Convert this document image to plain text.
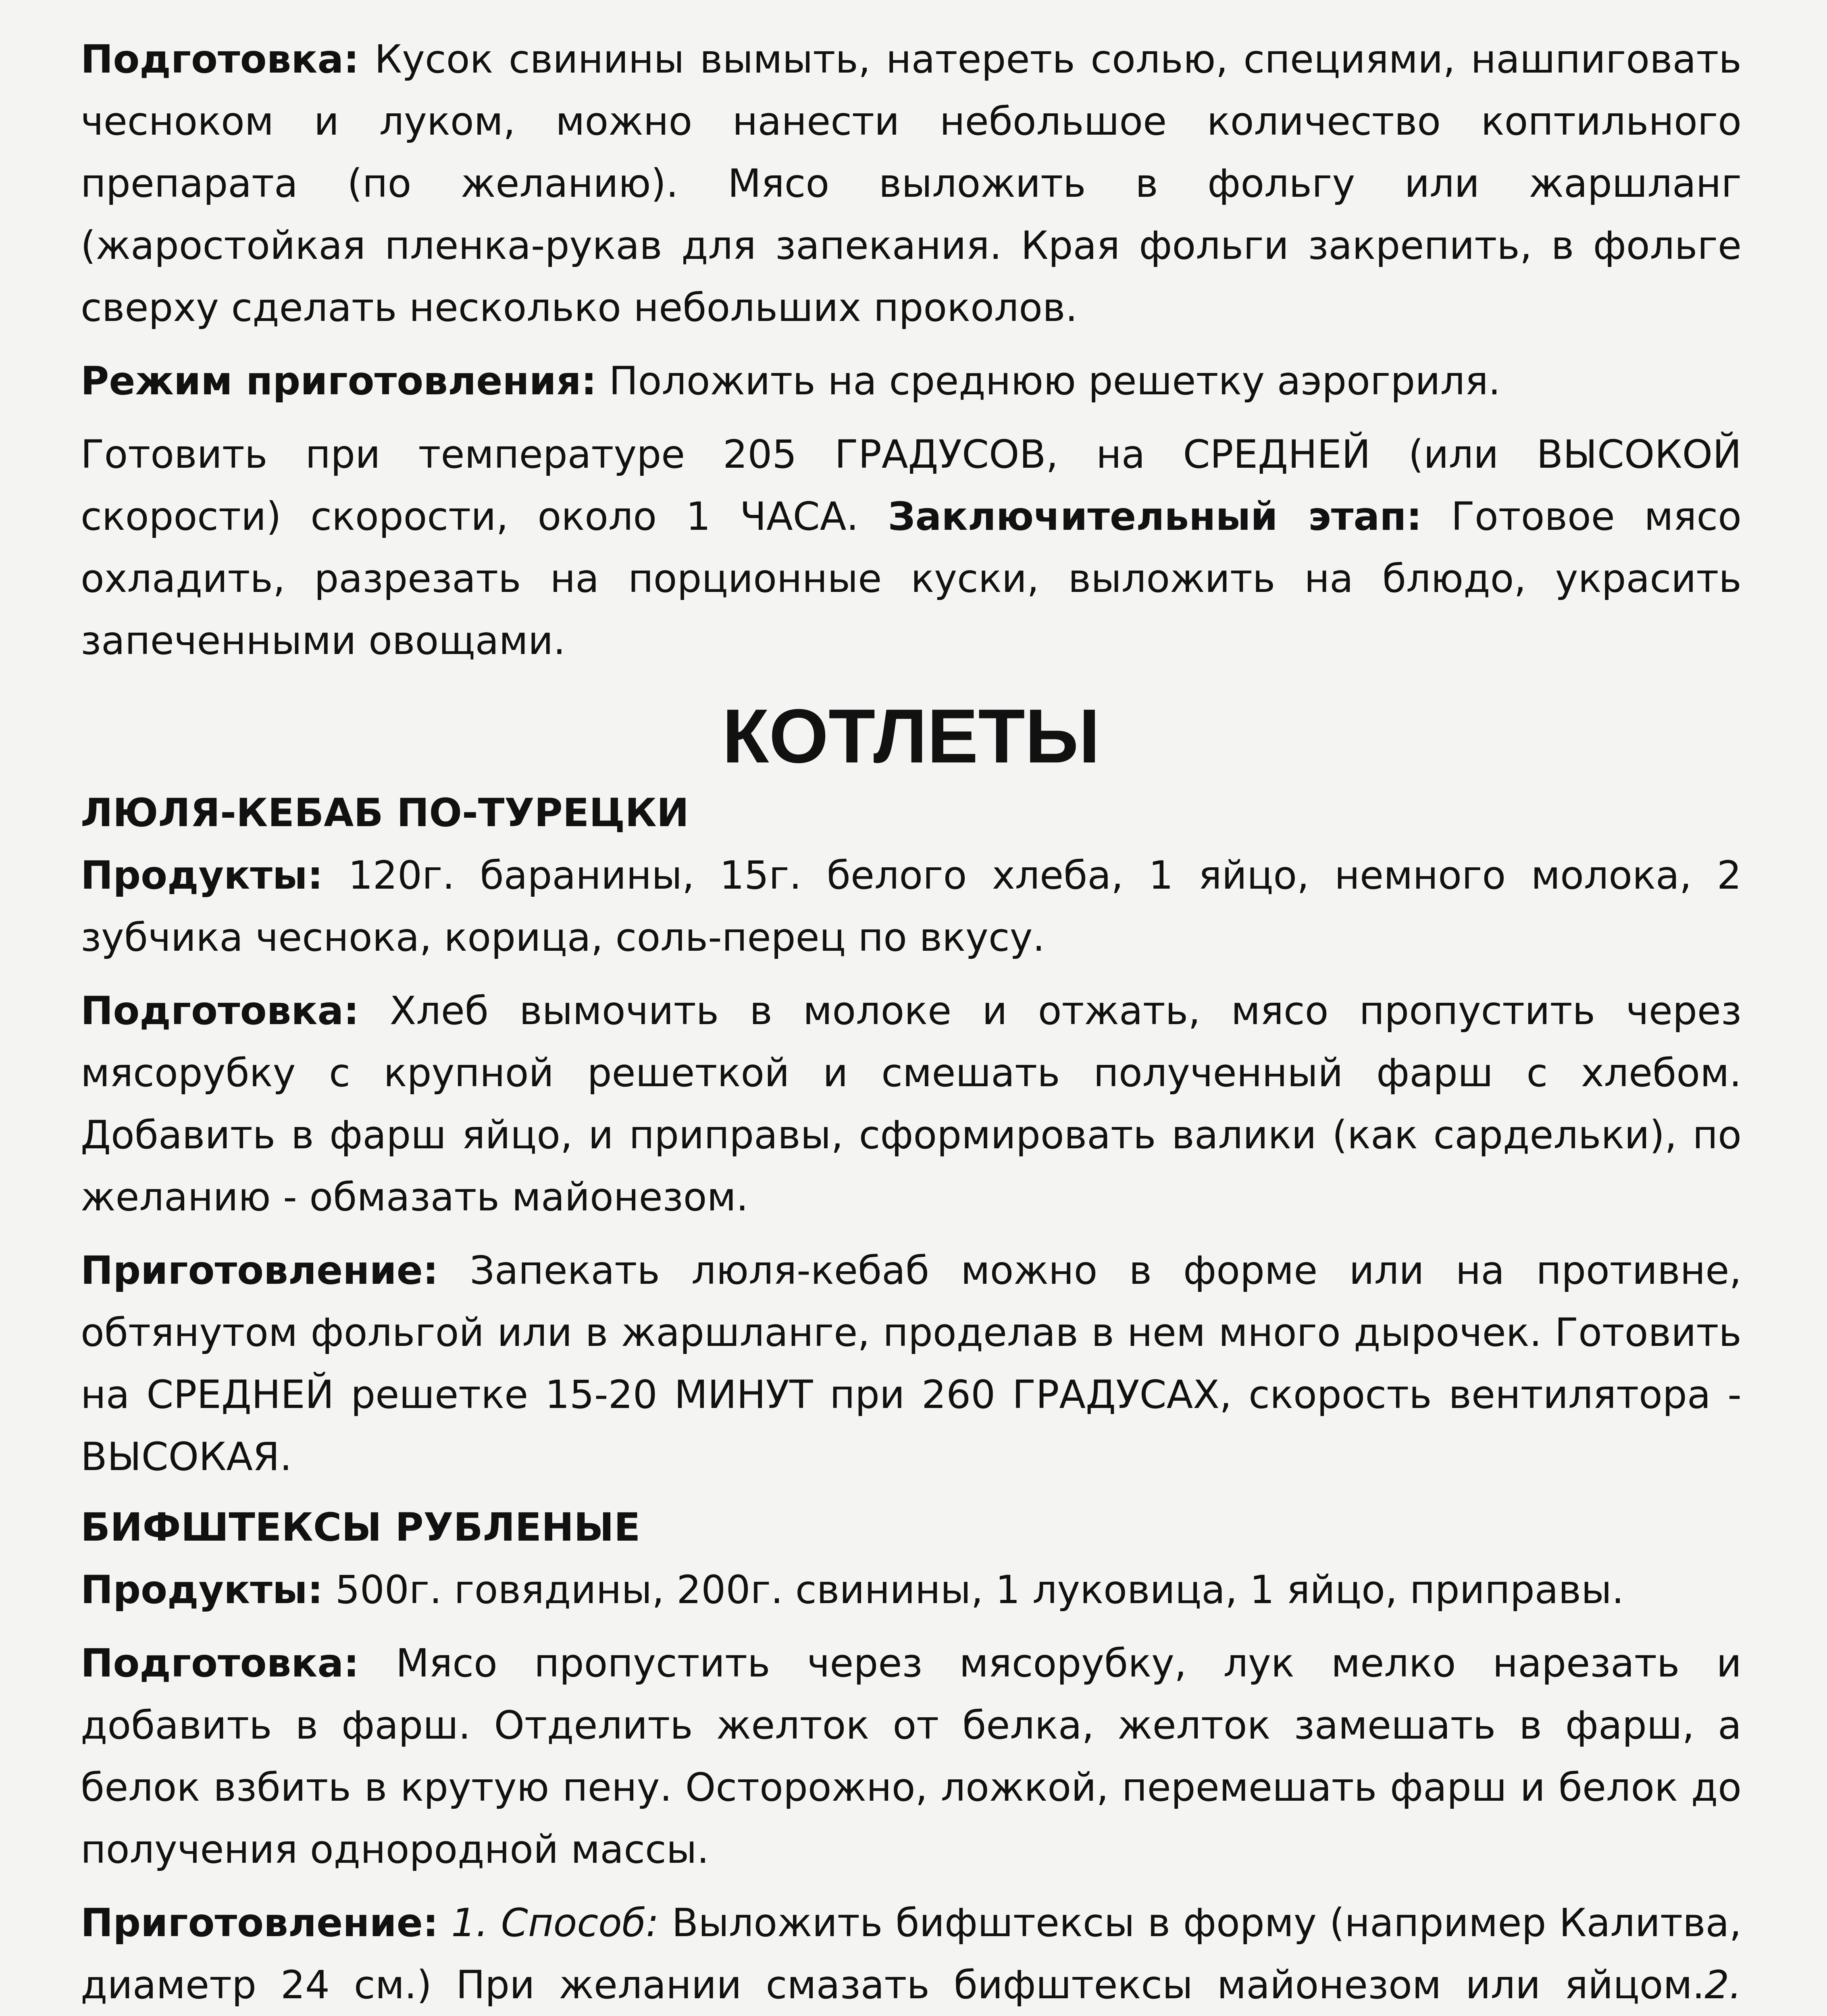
Подготовка: Кусок свинины вымыть, натереть солью, специями, нашпиговать чесноком и луком, можно нанести небольшое количество коптильного препарата (по желанию). Мясо выложить в фольгу или жаршланг (жаростойкая пленка-рукав для запекания. Края фольги закрепить, в фольге сверху сделать несколько небольших проколов.

Режим приготовления: Положить на среднюю решетку аэрогриля.

Готовить при температуре 205 ГРАДУСОВ, на СРЕДНЕЙ (или ВЫСОКОЙ скорости) скорости, около 1 ЧАСА. Заключительный этап: Готовое мясо охладить, разрезать на порционные куски, выложить на блюдо, украсить запеченными овощами.

КОТЛЕТЫ
ЛЮЛЯ-КЕБАБ ПО-ТУРЕЦКИ

Продукты: 120г. баранины, 15г. белого хлеба, 1 яйцо, немного молока, 2 зубчика чеснока, корица, соль-перец по вкусу.

Подготовка: Хлеб вымочить в молоке и отжать, мясо пропустить через мясорубку с крупной решеткой и смешать полученный фарш с хлебом. Добавить в фарш яйцо, и приправы, сформировать валики (как сардельки), по желанию - обмазать майонезом.

Приготовление: Запекать люля-кебаб можно в форме или на противне, обтянутом фольгой или в жаршланге, проделав в нем много дырочек. Готовить на СРЕДНЕЙ решетке 15-20 МИНУТ при 260 ГРАДУСАХ, скорость вентилятора - ВЫСОКАЯ.

БИФШТЕКСЫ РУБЛЕНЫЕ

Продукты: 500г. говядины, 200г. свинины, 1 луковица, 1 яйцо, приправы.

Подготовка: Мясо пропустить через мясорубку, лук мелко нарезать и добавить в фарш. Отделить желток от белка, желток замешать в фарш, а белок взбить в крутую пену. Осторожно, ложкой, перемешать фарш и белок до получения однородной массы.

Приготовление: 1. Способ: Выложить бифштексы в форму (например Калитва, диаметр 24 см.) При желании смазать бифштексы майонезом или яйцом.2.
